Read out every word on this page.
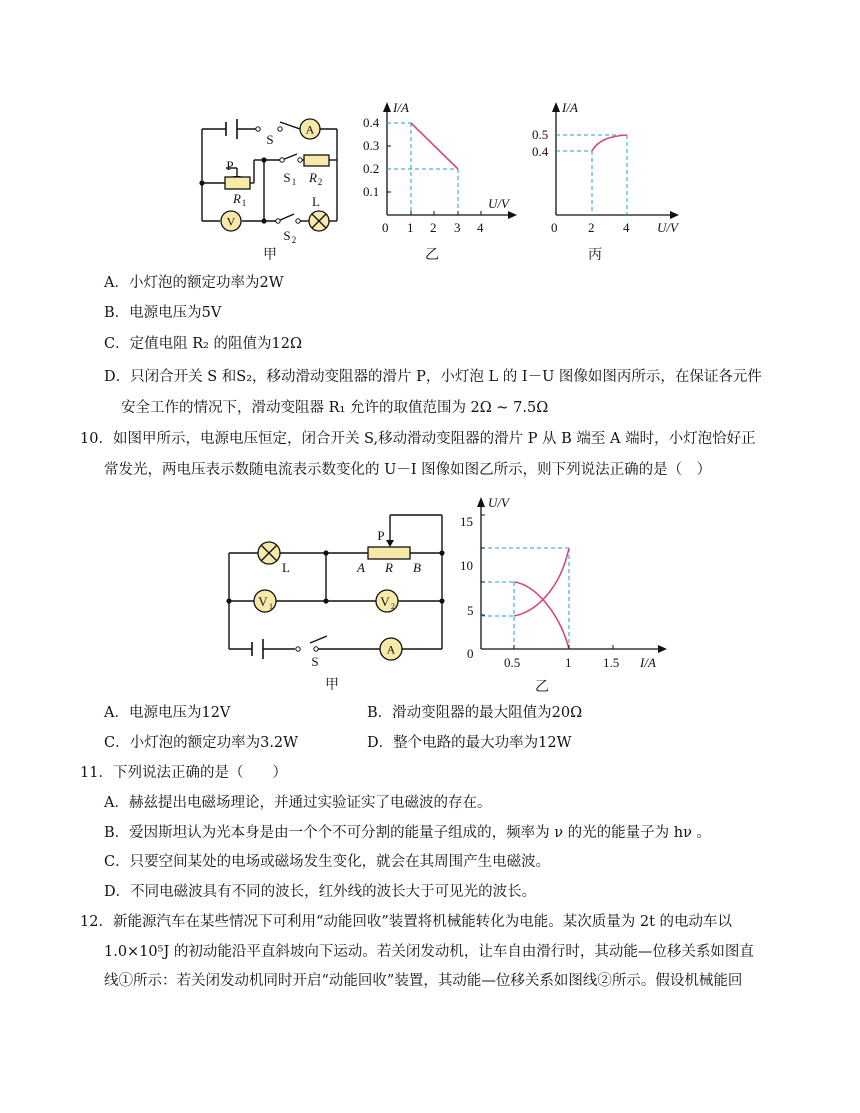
S
A
P
R 1
S 1 R 2
L
V
S 2
甲
I/A
U/V
0.4
0.3
0.2
0.1
0 1 2 3 4
乙
I/A
U/V
0.5
0.4
0 2 4
丙
A．小灯泡的额定功率为2W
B．电源电压为5V
C．定值电阻 R₂ 的阻值为12Ω
D．只闭合开关 S 和S₂，移动滑动变阻器的滑片 P，小灯泡 L 的 I－U 图像如图丙所示，在保证各元件
安全工作的情况下，滑动变阻器 R₁ 允许的取值范围为 2Ω ~ 7.5Ω
10．如图甲所示，电源电压恒定，闭合开关 S,移动滑动变阻器的滑片 P 从 B 端至 A 端时，小灯泡恰好正
常发光，两电压表示数随电流表示数变化的 U－I 图像如图乙所示，则下列说法正确的是（　）
L
P
A R B
V 1	V 2
S
A
甲
U/V
I/A
15
10
5
0
0.5	1 1.5
乙
A．电源电压为12V	B．滑动变阻器的最大阻值为20Ω
C．小灯泡的额定功率为3.2W	D．整个电路的最大功率为12W
11．下列说法正确的是（　　）
A．赫兹提出电磁场理论，并通过实验证实了电磁波的存在。
B．爱因斯坦认为光本身是由一个个不可分割的能量子组成的，频率为 ν 的光的能量子为 hν 。
C．只要空间某处的电场或磁场发生变化，就会在其周围产生电磁波。
D．不同电磁波具有不同的波长，红外线的波长大于可见光的波长。
12．新能源汽车在某些情况下可利用“动能回收”装置将机械能转化为电能。某次质量为 2t 的电动车以
1.0×10⁵J 的初动能沿平直斜坡向下运动。若关闭发动机，让车自由滑行时，其动能—位移关系如图直
线①所示：若关闭发动机同时开启“动能回收”装置，其动能—位移关系如图线②所示。假设机械能回
